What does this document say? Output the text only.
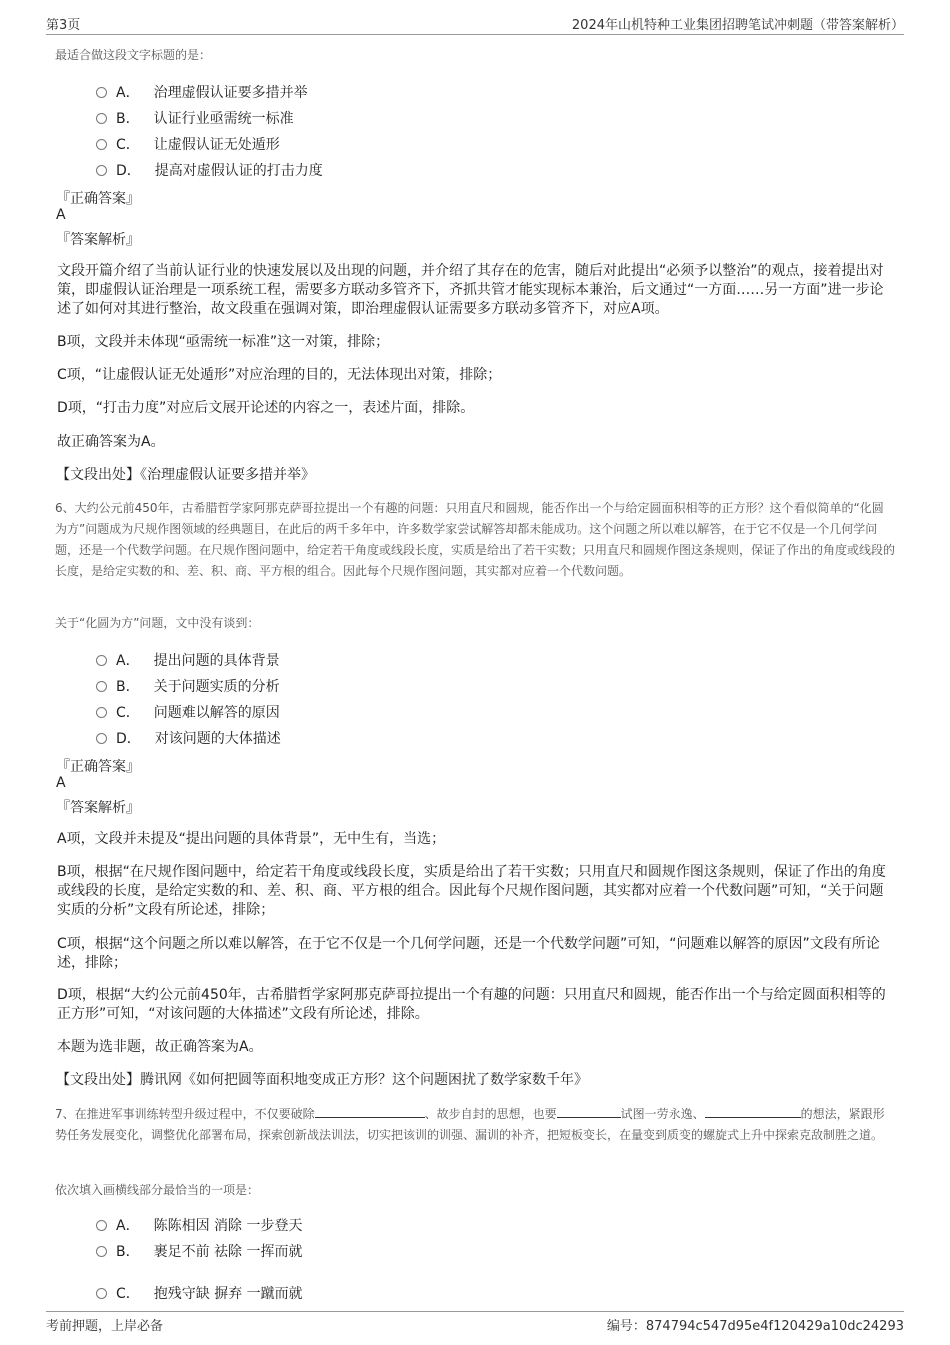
第3页	2024年山机特种工业集团招聘笔试冲刺题（带答案解析）
最适合做这段文字标题的是：
A． 治理虚假认证要多措并举
B． 认证行业亟需统一标准
C． 让虚假认证无处遁形
D． 提高对虚假认证的打击力度
『正确答案』
A
『答案解析』
文段开篇介绍了当前认证行业的快速发展以及出现的问题，并介绍了其存在的危害，随后对此提出“必须予以整治”的观点，接着提出对策，即虚假认证治理是一项系统工程，需要多方联动多管齐下，齐抓共管才能实现标本兼治，后文通过“一方面……另一方面”进一步论述了如何对其进行整治，故文段重在强调对策，即治理虚假认证需要多方联动多管齐下，对应A项。
B项，文段并未体现“亟需统一标准”这一对策，排除；
C项，“让虚假认证无处遁形”对应治理的目的，无法体现出对策，排除；
D项，“打击力度”对应后文展开论述的内容之一，表述片面，排除。
故正确答案为A。
【文段出处】《治理虚假认证要多措并举》
6、大约公元前450年，古希腊哲学家阿那克萨哥拉提出一个有趣的问题：只用直尺和圆规，能否作出一个与给定圆面积相等的正方形？这个看似简单的“化圆为方”问题成为尺规作图领域的经典题目，在此后的两千多年中，许多数学家尝试解答却都未能成功。这个问题之所以难以解答，在于它不仅是一个几何学问题，还是一个代数学问题。在尺规作图问题中，给定若干角度或线段长度，实质是给出了若干实数；只用直尺和圆规作图这条规则，保证了作出的角度或线段的长度，是给定实数的和、差、积、商、平方根的组合。因此每个尺规作图问题，其实都对应着一个代数问题。
关于“化圆为方”问题，文中没有谈到：
A． 提出问题的具体背景
B． 关于问题实质的分析
C． 问题难以解答的原因
D． 对该问题的大体描述
『正确答案』
A
『答案解析』
A项，文段并未提及“提出问题的具体背景”，无中生有，当选；
B项，根据“在尺规作图问题中，给定若干角度或线段长度，实质是给出了若干实数；只用直尺和圆规作图这条规则，保证了作出的角度或线段的长度，是给定实数的和、差、积、商、平方根的组合。因此每个尺规作图问题，其实都对应着一个代数问题”可知，“关于问题实质的分析”文段有所论述，排除；
C项，根据“这个问题之所以难以解答，在于它不仅是一个几何学问题，还是一个代数学问题”可知，“问题难以解答的原因”文段有所论述，排除；
D项，根据“大约公元前450年，古希腊哲学家阿那克萨哥拉提出一个有趣的问题：只用直尺和圆规，能否作出一个与给定圆面积相等的正方形”可知，“对该问题的大体描述”文段有所论述，排除。
本题为选非题，故正确答案为A。
【文段出处】腾讯网《如何把圆等面积地变成正方形？这个问题困扰了数学家数千年》
7、在推进军事训练转型升级过程中，不仅要破除	、故步自封的思想，也要	试图一劳永逸、	的想法，紧跟形势任务发展变化，调整优化部署布局，探索创新战法训法，切实把该训的训强、漏训的补齐，把短板变长，在量变到质变的螺旋式上升中探索克敌制胜之道。
依次填入画横线部分最恰当的一项是：
A． 陈陈相因 消除 一步登天
B． 裹足不前 祛除 一挥而就
C． 抱残守缺 摒弃 一蹴而就
考前押题，上岸必备	编号：874794c547d95e4f120429a10dc24293
